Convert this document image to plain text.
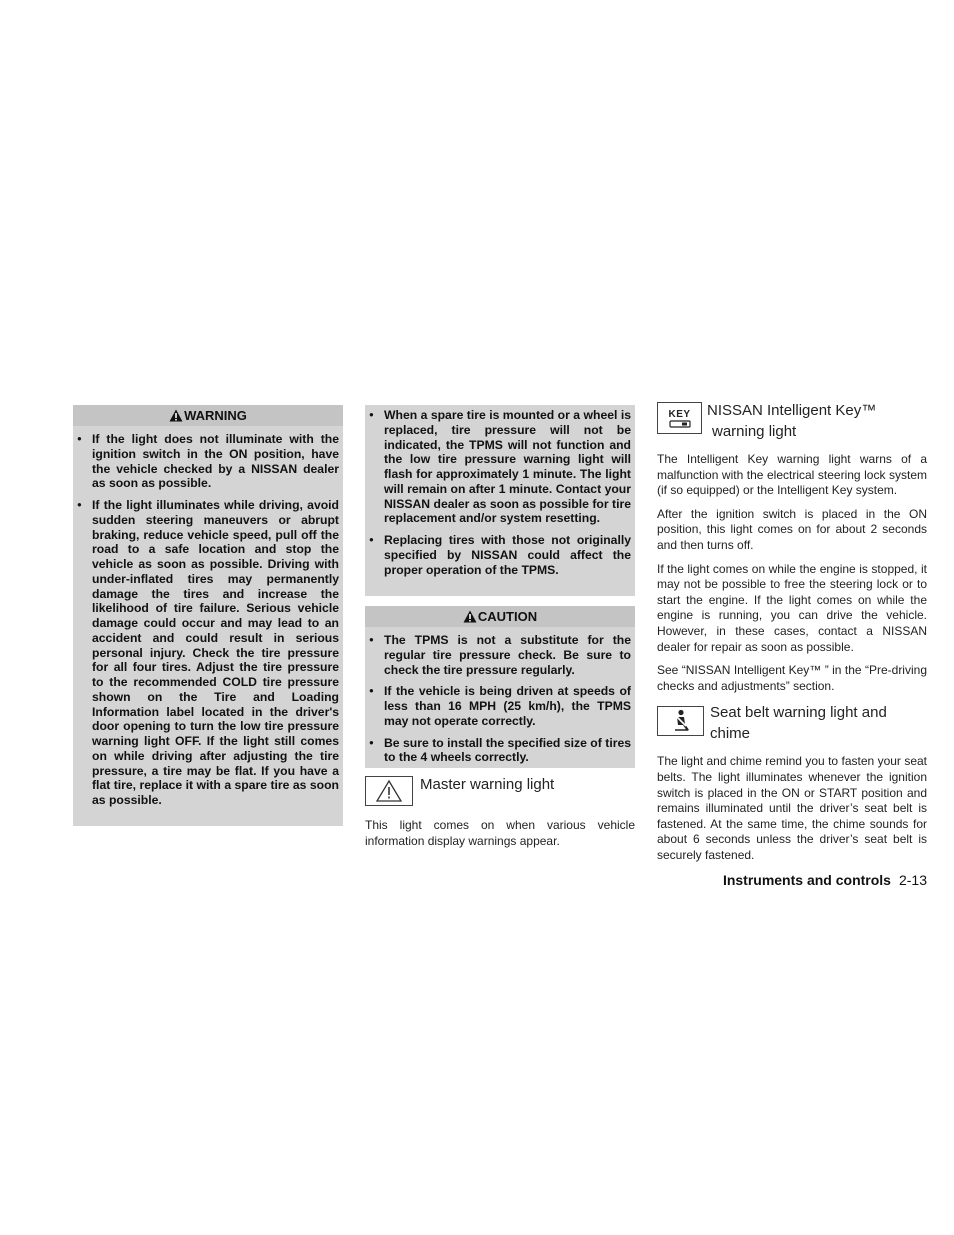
WARNING
● If the light does not illuminate with the ignition switch in the ON position, have the vehicle checked by a NISSAN dealer as soon as possible.
● If the light illuminates while driving, avoid sudden steering maneuvers or abrupt braking, reduce vehicle speed, pull off the road to a safe location and stop the vehicle as soon as possible. Driving with under-inflated tires may permanently damage the tires and increase the likelihood of tire failure. Serious vehicle damage could occur and may lead to an accident and could result in serious personal injury. Check the tire pressure for all four tires. Adjust the tire pressure to the recommended COLD tire pressure shown on the Tire and Loading Information label located in the driver's door opening to turn the low tire pressure warning light OFF. If the light still comes on while driving after adjusting the tire pressure, a tire may be flat. If you have a flat tire, replace it with a spare tire as soon as possible.
● When a spare tire is mounted or a wheel is replaced, tire pressure will not be indicated, the TPMS will not function and the low tire pressure warning light will flash for approximately 1 minute. The light will remain on after 1 minute. Contact your NISSAN dealer as soon as possible for tire replacement and/or system resetting.
● Replacing tires with those not originally specified by NISSAN could affect the proper operation of the TPMS.
CAUTION
● The TPMS is not a substitute for the regular tire pressure check. Be sure to check the tire pressure regularly.
● If the vehicle is being driven at speeds of less than 16 MPH (25 km/h), the TPMS may not operate correctly.
● Be sure to install the specified size of tires to the 4 wheels correctly.
Master warning light

This light comes on when various vehicle information display warnings appear.

KEY NISSAN Intelligent Key™
warning light

The Intelligent Key warning light warns of a malfunction with the electrical steering lock system (if so equipped) or the Intelligent Key system.

After the ignition switch is placed in the ON position, this light comes on for about 2 seconds and then turns off.

If the light comes on while the engine is stopped, it may not be possible to free the steering lock or to start the engine. If the light comes on while the engine is running, you can drive the vehicle. However, in these cases, contact a NISSAN dealer for repair as soon as possible.

See “NISSAN Intelligent Key™ ” in the “Pre-driving checks and adjustments” section.

Seat belt warning light and
chime

The light and chime remind you to fasten your seat belts. The light illuminates whenever the ignition switch is placed in the ON or START position and remains illuminated until the driver’s seat belt is fastened. At the same time, the chime sounds for about 6 seconds unless the driver’s seat belt is securely fastened.

Instruments and controls 2-13
